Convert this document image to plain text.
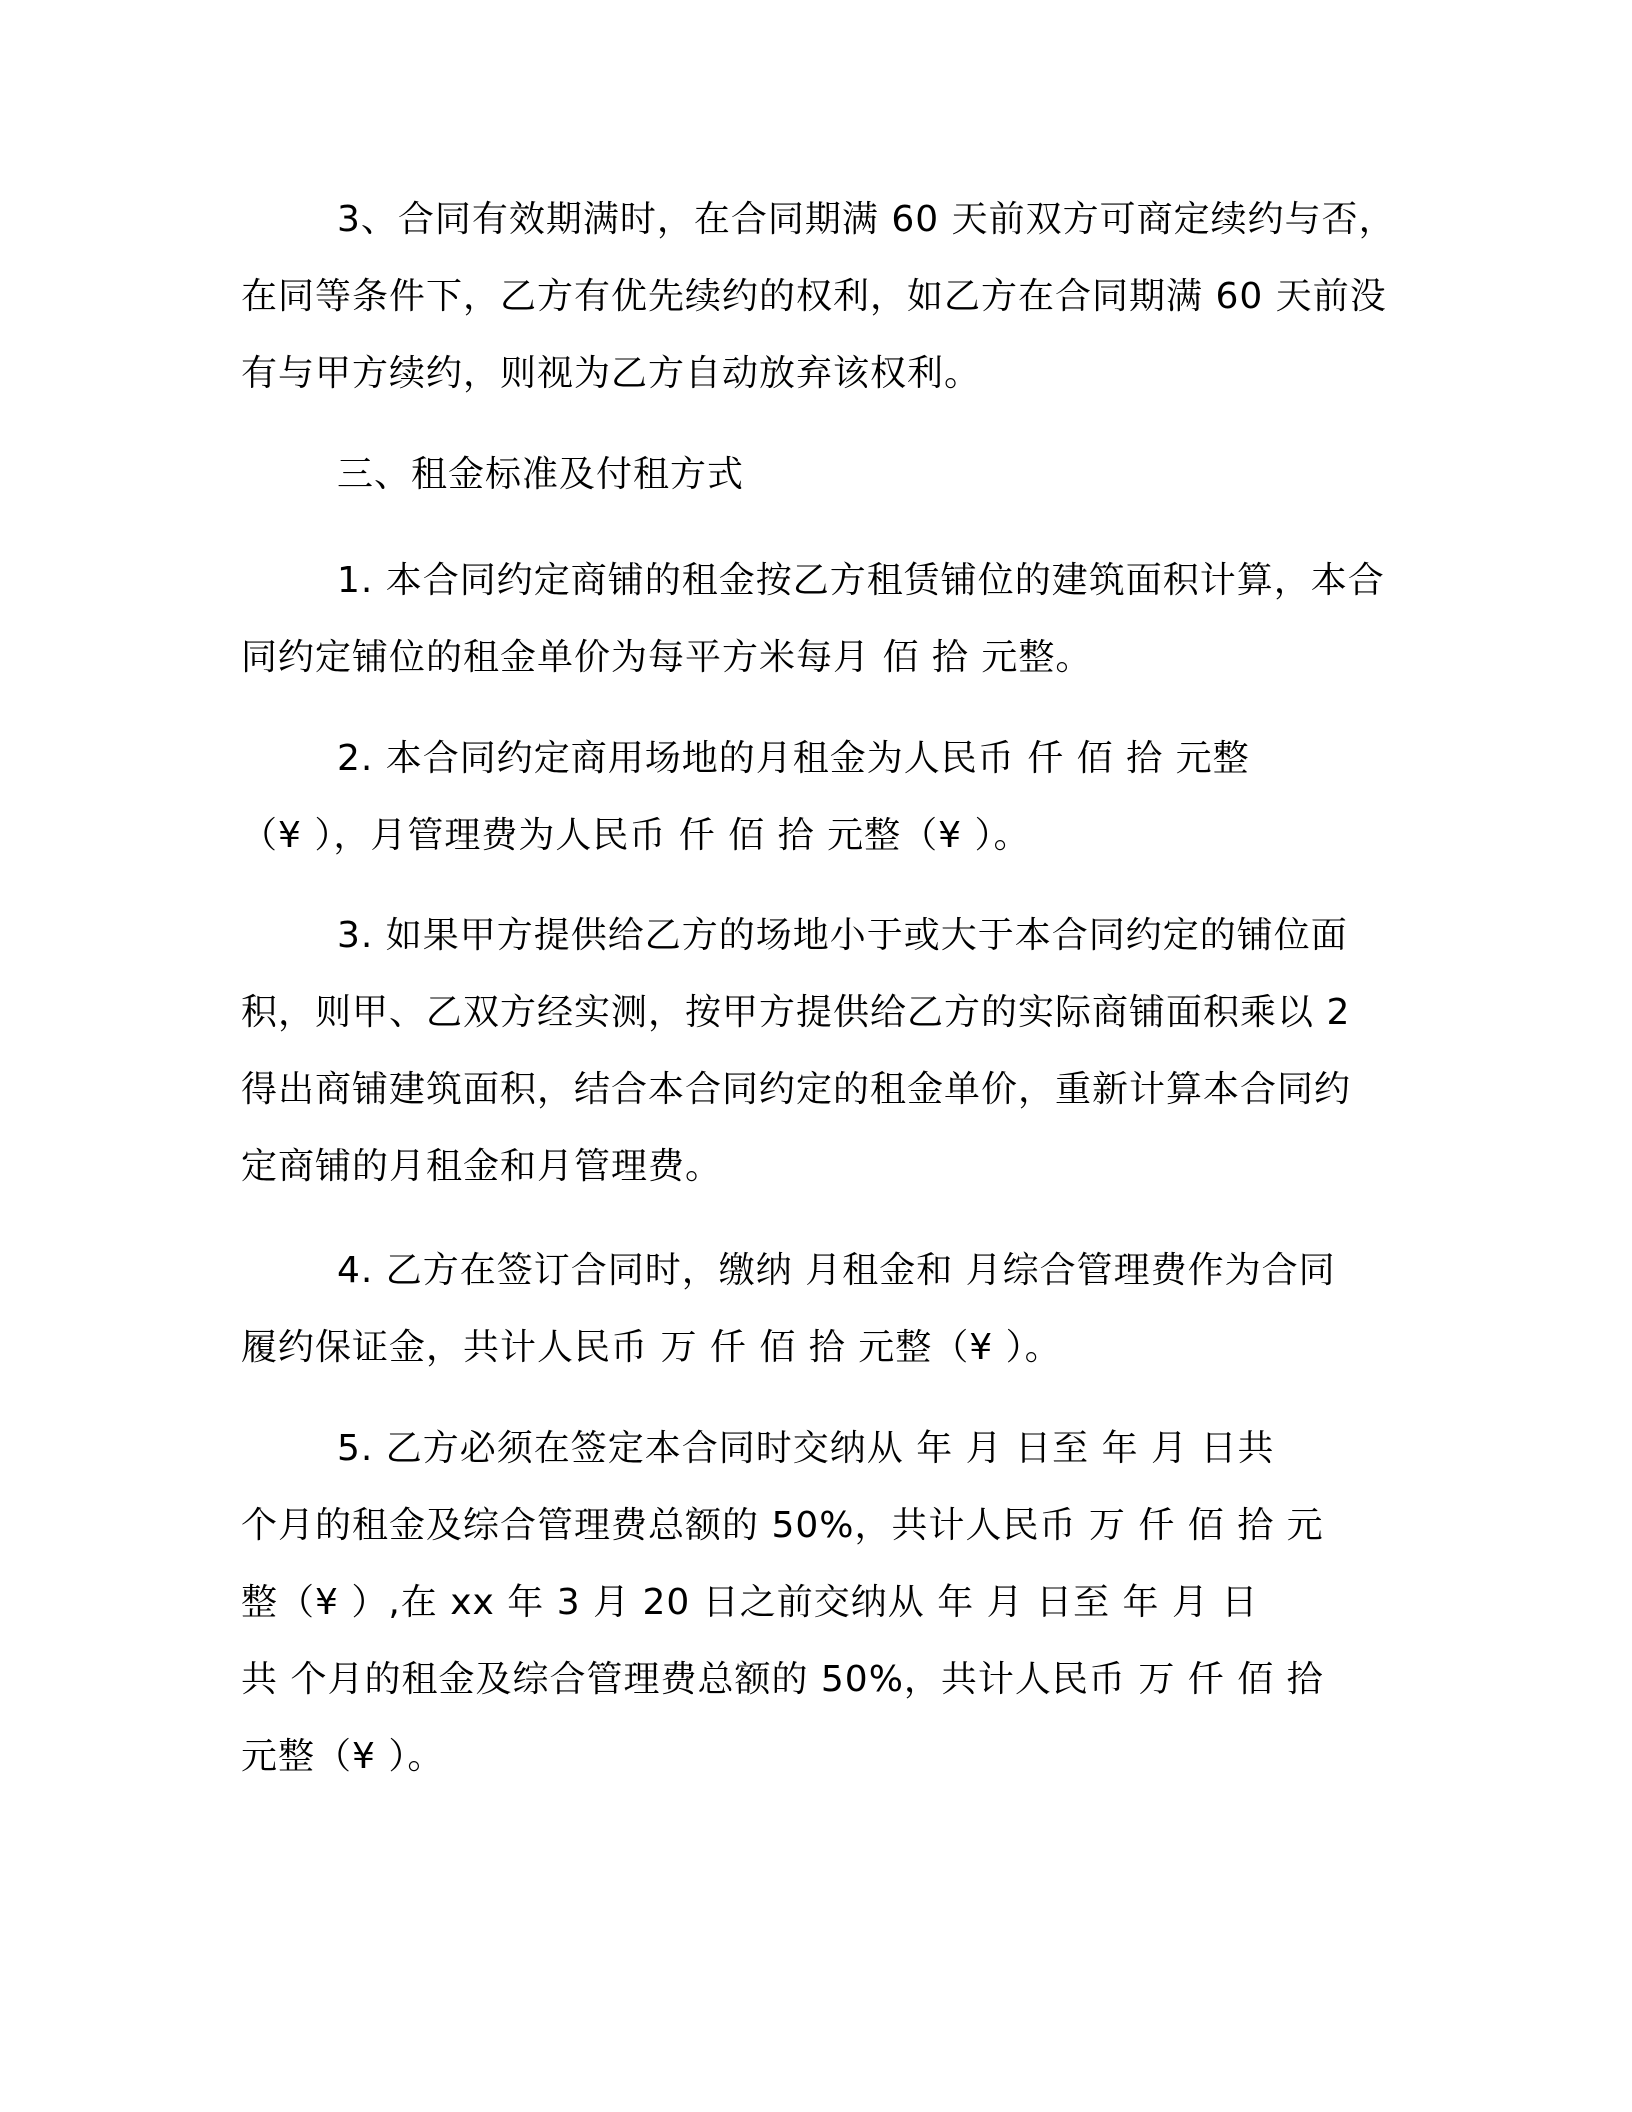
3、合同有效期满时，在合同期满 60 天前双方可商定续约与否，
在同等条件下，乙方有优先续约的权利，如乙方在合同期满 60 天前没
有与甲方续约，则视为乙方自动放弃该权利。
三、租金标准及付租方式
1. 本合同约定商铺的租金按乙方租赁铺位的建筑面积计算，本合
同约定铺位的租金单价为每平方米每月 佰 拾 元整。
2. 本合同约定商用场地的月租金为人民币 仟 佰 拾 元整
（¥ ），月管理费为人民币 仟 佰 拾 元整（¥ ）。
3. 如果甲方提供给乙方的场地小于或大于本合同约定的铺位面
积，则甲、乙双方经实测，按甲方提供给乙方的实际商铺面积乘以 2
得出商铺建筑面积，结合本合同约定的租金单价，重新计算本合同约
定商铺的月租金和月管理费。
4. 乙方在签订合同时，缴纳 月租金和 月综合管理费作为合同
履约保证金，共计人民币 万 仟 佰 拾 元整（¥ ）。
5. 乙方必须在签定本合同时交纳从 年 月 日至 年 月 日共
个月的租金及综合管理费总额的 50%，共计人民币 万 仟 佰 拾 元
整（¥ ）,在 xx 年 3 月 20 日之前交纳从 年 月 日至 年 月 日
共 个月的租金及综合管理费总额的 50%，共计人民币 万 仟 佰 拾
元整（¥ ）。
